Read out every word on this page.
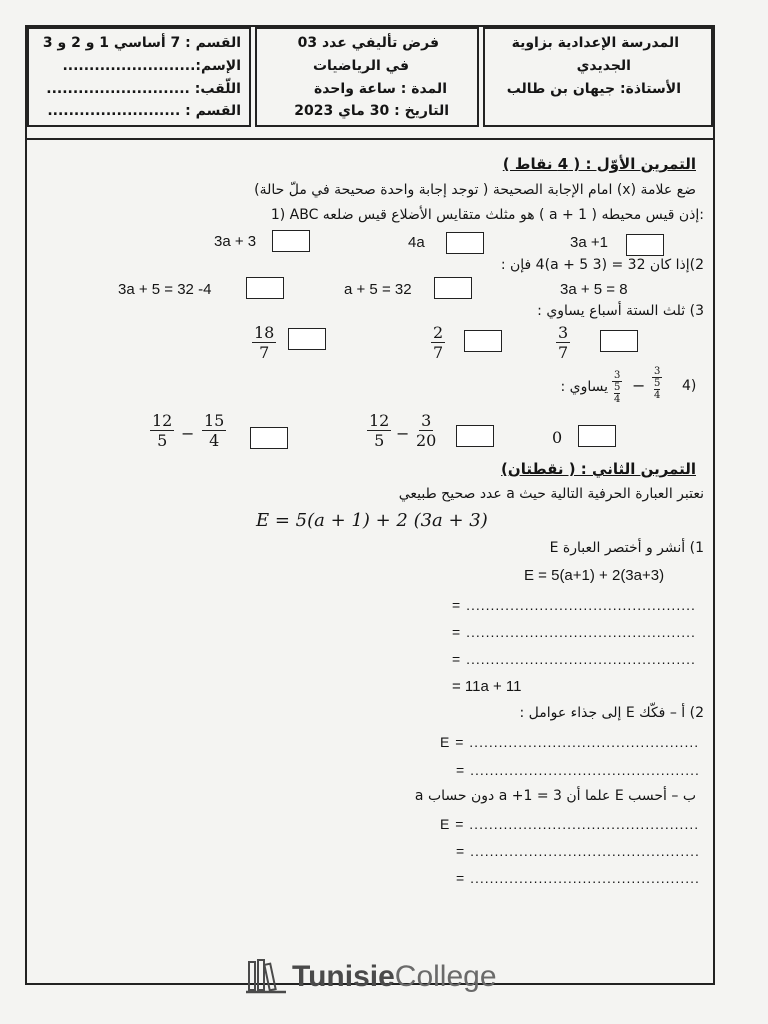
القسم : 7 أساسي 1 و 2 و 3
الإسم:.........................
اللّقب: ...........................
القسم : .........................
فرض تأليفي عدد 03
في الرياضيات
المدة : ساعة واحدة
التاريخ : 30 ماي 2023
المدرسة الإعدادية بزاوية
الجديدي
الأستاذة: جيهان بن طالب
التمرين الأوّل : ( 4 نقاط )
ضع علامة (x) امام الإجابة الصحيحة ( توجد إجابة واحدة صحيحة في ملّ حالة)
1) ABC هو مثلث متقايس الأضلاع قيس ضلعه ( a + 1 ) إذن قيس محيطه:
3a +1
4a
3a + 3
2)إذا كان 32 = (3 a + 5)4 فإن :
3a + 5 = 8
a + 5 = 32
3a + 5 = 32 -4
3) ثلث الستة أسباع يساوي :
$\frac{3}{7}$
$\frac{2}{7}$
$\frac{18}{7}$
4)
3
5
4
−
3
5
4
يساوي :
0
$\frac{12}{5} - \frac{3}{20}$
$\frac{12}{5} - \frac{15}{4}$
التمرين الثاني : ( نقطتان)
نعتبر العبارة الحرفية التالية حيث a عدد صحيح طبيعي
E = 5(a + 1) + 2 (3a + 3)
1) أنشر و أختصر العبارة E
E = 5(a+1) + 2(3a+3)
= ...............................................
= ...............................................
= ...............................................
= 11a + 11
2) أ – فكّك E إلى جذاء عوامل :
E = ...............................................
= ...............................................
ب – أحسب E علما أن 3 = a +1 دون حساب a
E = ...............................................
= ...............................................
= ...............................................
TunisieCollege
